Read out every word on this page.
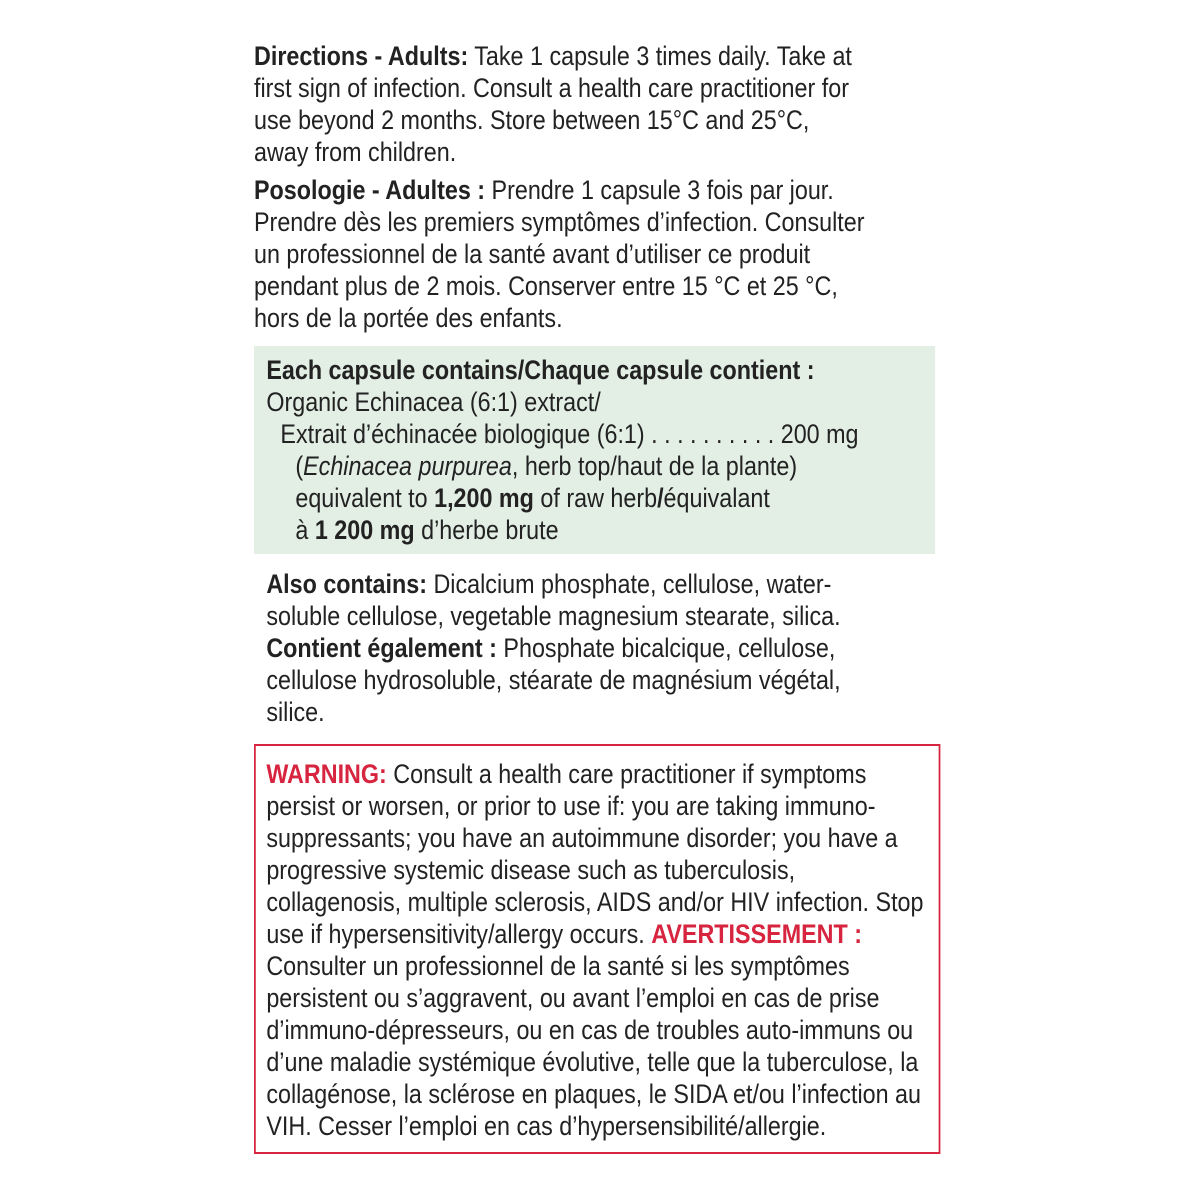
Directions - Adults: Take 1 capsule 3 times daily. Take at first sign of infection. Consult a health care practitioner for use beyond 2 months. Store between 15°C and 25°C, away from children.

Posologie - Adultes : Prendre 1 capsule 3 fois par jour. Prendre dès les premiers symptômes d’infection. Consulter un professionnel de la santé avant d’utiliser ce produit pendant plus de 2 mois. Conserver entre 15 °C et 25 °C, hors de la portée des enfants.

Each capsule contains/Chaque capsule contient :
Organic Echinacea (6:1) extract/
Extrait d’échinacée biologique (6:1) . . . . . . . . . . 200 mg
(Echinacea purpurea, herb top/haut de la plante)
equivalent to 1,200 mg of raw herb/équivalant
à 1 200 mg d’herbe brute

Also contains: Dicalcium phosphate, cellulose, water-soluble cellulose, vegetable magnesium stearate, silica.

Contient également : Phosphate bicalcique, cellulose, cellulose hydrosoluble, stéarate de magnésium végétal, silice.

WARNING: Consult a health care practitioner if symptoms persist or worsen, or prior to use if: you are taking immuno-suppressants; you have an autoimmune disorder; you have a progressive systemic disease such as tuberculosis, collagenosis, multiple sclerosis, AIDS and/or HIV infection. Stop use if hypersensitivity/allergy occurs. AVERTISSEMENT : Consulter un professionnel de la santé si les symptômes persistent ou s’aggravent, ou avant l’emploi en cas de prise d’immuno-dépresseurs, ou en cas de troubles auto-immuns ou d’une maladie systémique évolutive, telle que la tuberculose, la collagénose, la sclérose en plaques, le SIDA et/ou l’infection au VIH. Cesser l’emploi en cas d’hypersensibilité/allergie.
